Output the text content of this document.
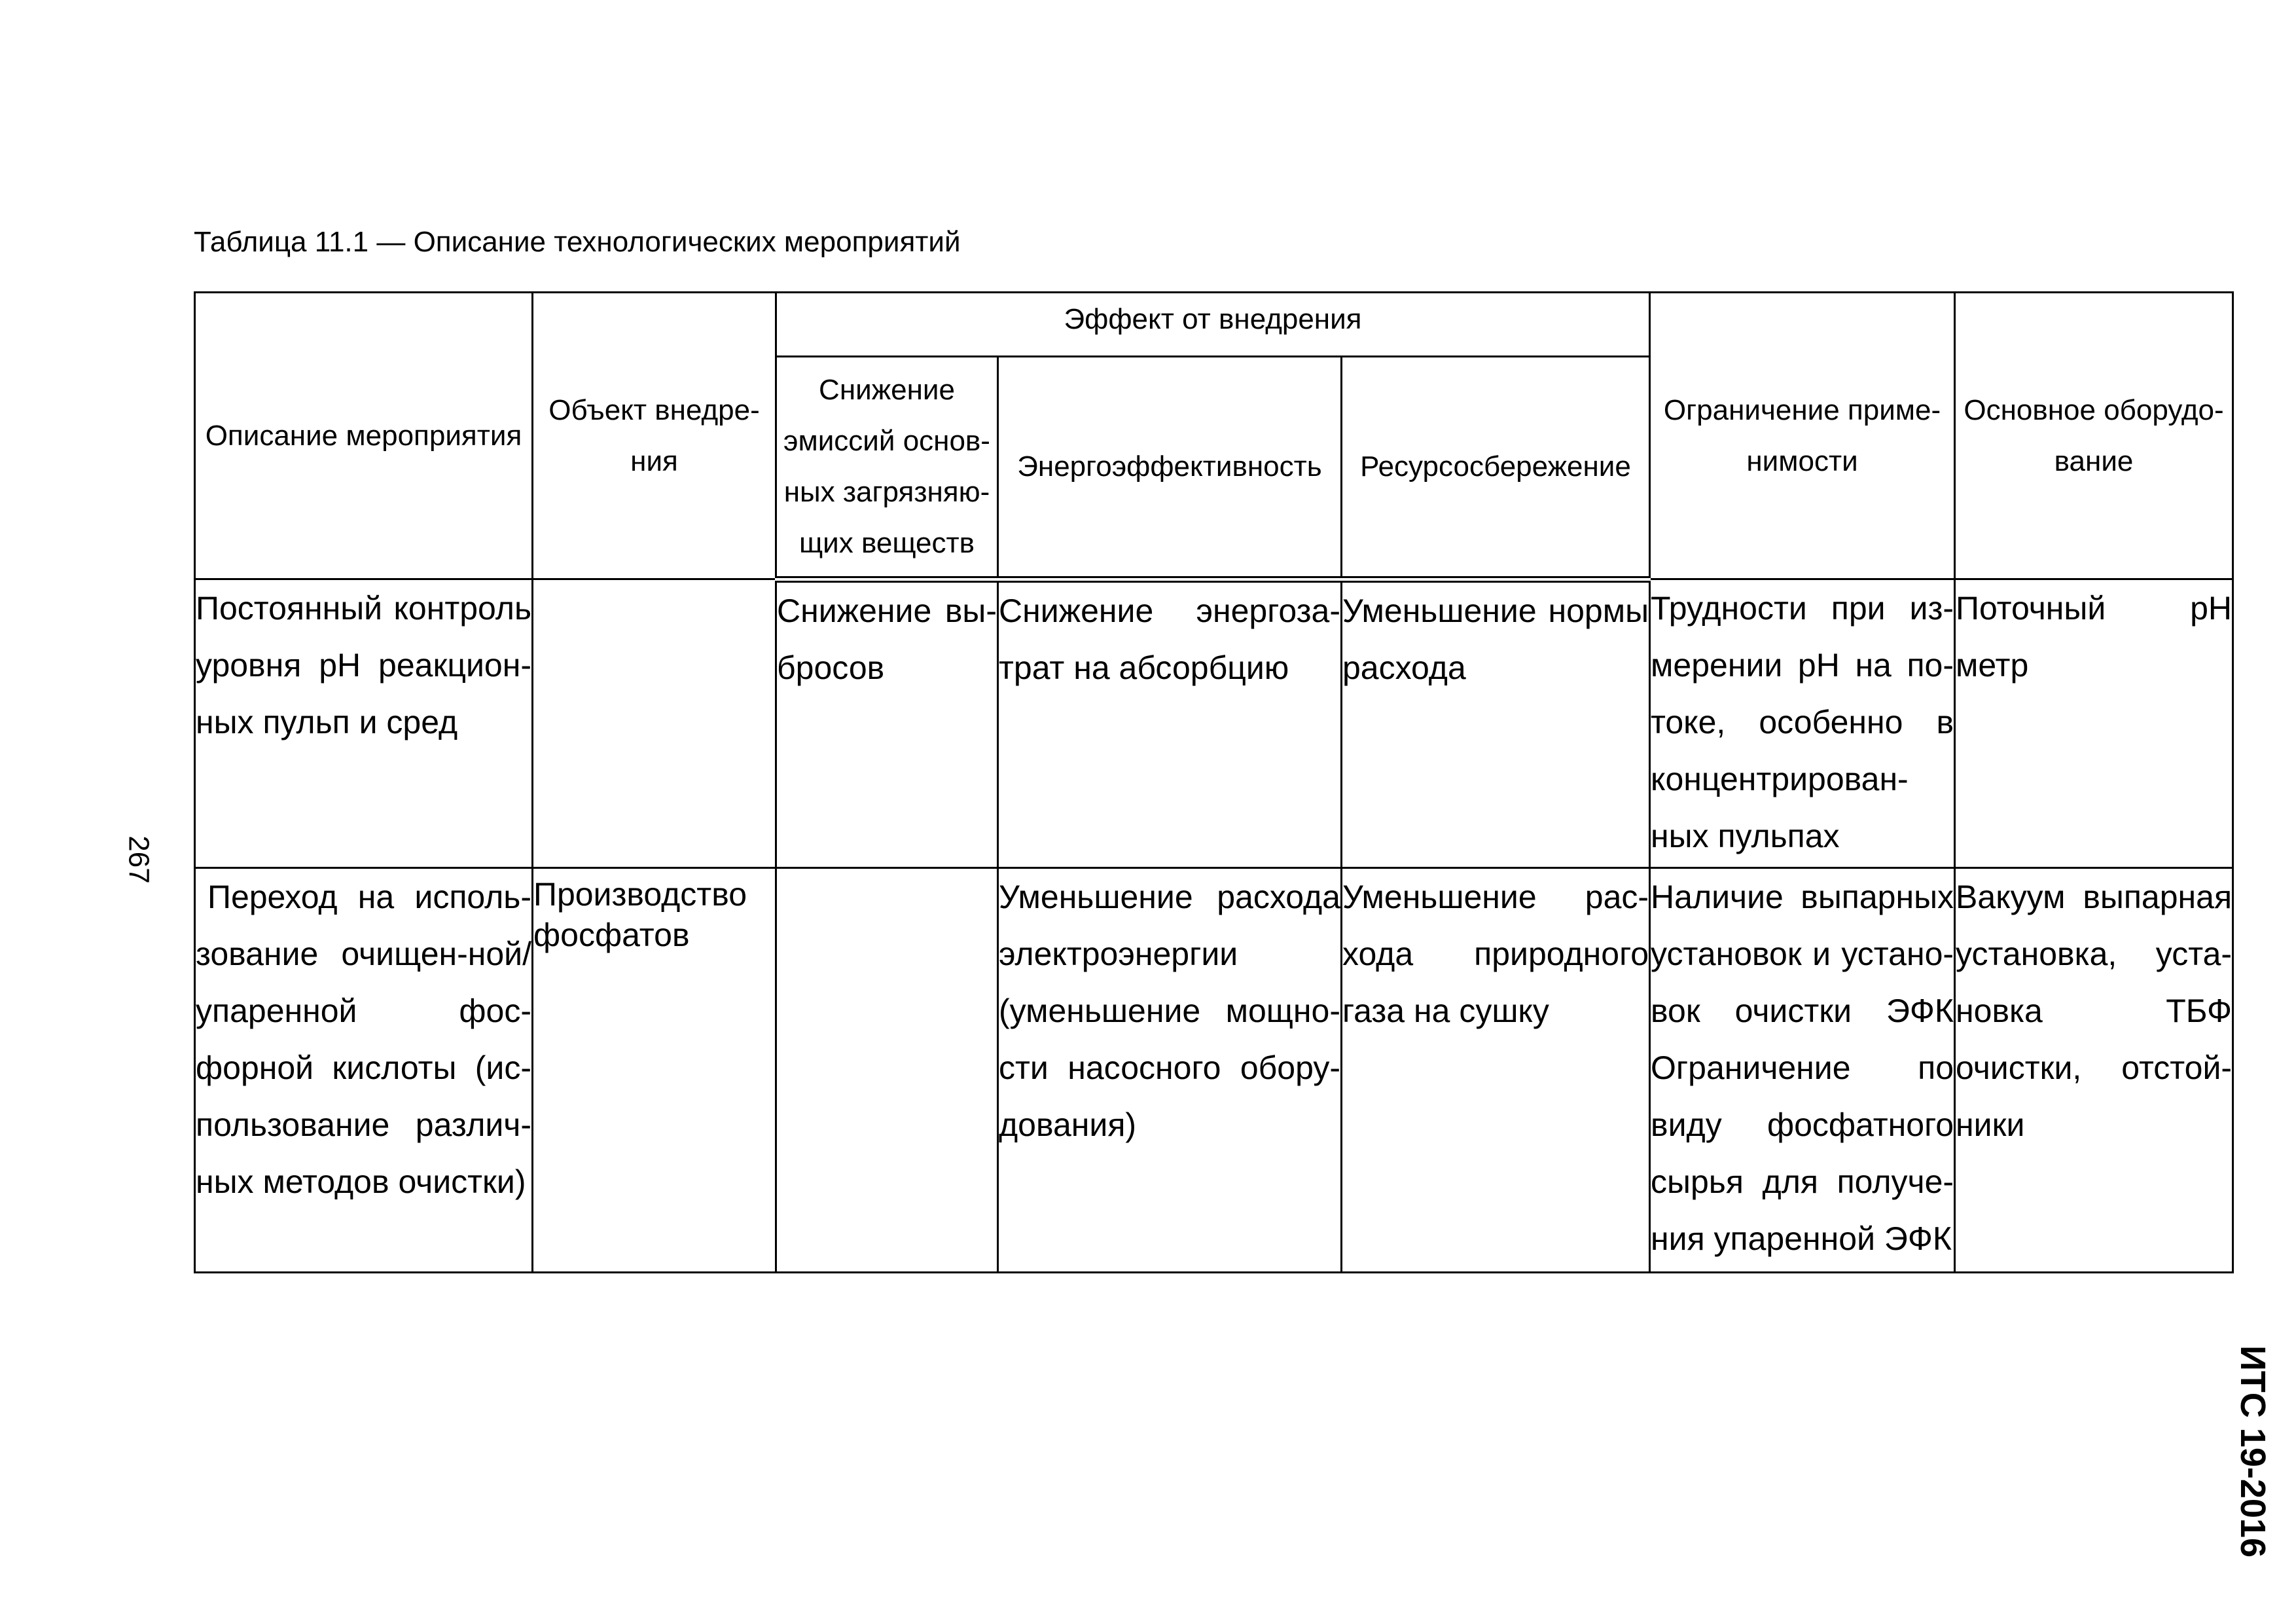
Таблица 11.1 — Описание технологических мероприятий
Описание мероприятия	Объект внедре-ния	Эффект от внедрения			Ограничение приме-нимости	Основное оборудо-вание
		Снижение эмиссий основ-ных загрязняю-щих веществ	Энергоэффективность	Ресурсосбережение		
Постоянный контроль уровня pH реакцион-ных пульп и сред		Снижение вы-бросов	Снижение энергоза-трат на абсорбцию	Уменьшение нормы расхода	Трудности при из-мерении pH на по-токе, особенно в концентрирован-ных пульпах	Поточный pH метр
Переход на исполь-зование очищен-ной/упаренной фос-форной кислоты (ис-пользование различ-ных методов очистки)	Производство фосфатов		Уменьшение расхода электроэнергии (уменьшение мощно-сти насосного обору-дования)	Уменьшение рас-хода природного газа на сушку	Наличие выпарных установок и устано-вок очистки ЭФК Ограничение по виду фосфатного сырья для получе-ния упаренной ЭФК	Вакуум выпарная установка, уста-новка ТБФ очистки, отстой-ники
267
ИТС 19-2016
